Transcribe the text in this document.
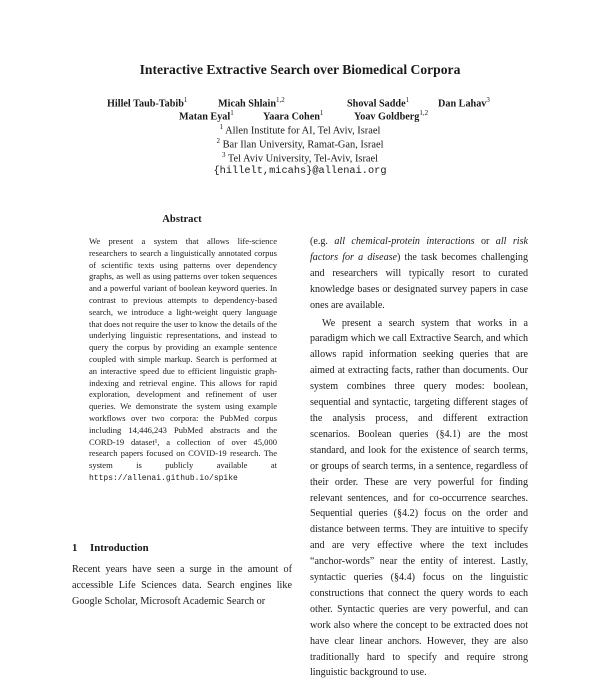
Interactive Extractive Search over Biomedical Corpora
Hillel Taub-Tabib$^1$	Micah Shlain$^{1,2}$	Shoval Sadde$^1$	Dan Lahav$^3$
Matan Eyal$^1$	Yaara Cohen$^1$	Yoav Goldberg$^{1,2}$
$^1$ Allen Institute for AI, Tel Aviv, Israel
$^2$ Bar Ilan University, Ramat-Gan, Israel
$^3$ Tel Aviv University, Tel-Aviv, Israel
{hillelt,micahs}@allenai.org
Abstract
We present a system that allows life-science researchers to search a linguistically annotated corpus of scientific texts using patterns over dependency graphs, as well as using patterns over token sequences and a powerful variant of boolean keyword queries. In contrast to previous attempts to dependency-based search, we introduce a light-weight query language that does not require the user to know the details of the underlying linguistic representations, and instead to query the corpus by providing an example sentence coupled with simple markup. Search is performed at an interactive speed due to efficient linguistic graph-indexing and retrieval engine. This allows for rapid exploration, development and refinement of user queries. We demonstrate the system using example workflows over two corpora: the PubMed corpus including 14,446,243 PubMed abstracts and the CORD-19 dataset¹, a collection of over 45,000 research papers focused on COVID-19 research. The system is publicly available at https://allenai.github.io/spike
1 Introduction
Recent years have seen a surge in the amount of accessible Life Sciences data. Search engines like Google Scholar, Microsoft Academic Search or

(e.g. all chemical-protein interactions or all risk factors for a disease) the task becomes challenging and researchers will typically resort to curated knowledge bases or designated survey papers in case ones are available.

We present a search system that works in a paradigm which we call Extractive Search, and which allows rapid information seeking queries that are aimed at extracting facts, rather than documents. Our system combines three query modes: boolean, sequential and syntactic, targeting different stages of the analysis process, and different extraction scenarios. Boolean queries (§4.1) are the most standard, and look for the existence of search terms, or groups of search terms, in a sentence, regardless of their order. These are very powerful for finding relevant sentences, and for co-occurrence searches. Sequential queries (§4.2) focus on the order and distance between terms. They are intuitive to specify and are very effective where the text includes “anchor-words” near the entity of interest. Lastly, syntactic queries (§4.4) focus on the linguistic constructions that connect the query words to each other. Syntactic queries are very powerful, and can work also where the concept to be extracted does not have clear linear anchors. However, they are also traditionally hard to specify and require strong linguistic background to use.
